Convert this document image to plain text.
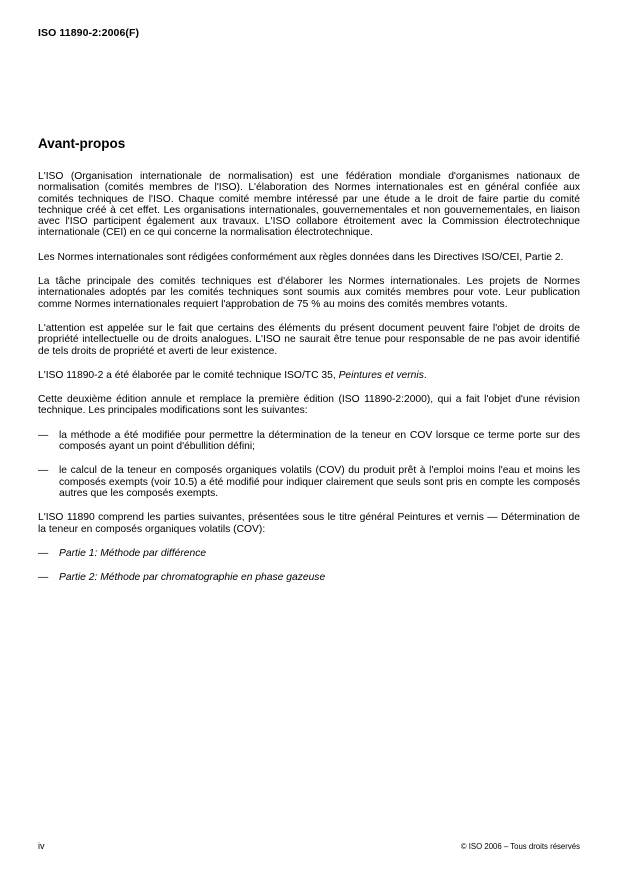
ISO 11890-2:2006(F)
Avant-propos

L'ISO (Organisation internationale de normalisation) est une fédération mondiale d'organismes nationaux de normalisation (comités membres de l'ISO). L'élaboration des Normes internationales est en général confiée aux comités techniques de l'ISO. Chaque comité membre intéressé par une étude a le droit de faire partie du comité technique créé à cet effet. Les organisations internationales, gouvernementales et non gouvernementales, en liaison avec l'ISO participent également aux travaux. L'ISO collabore étroitement avec la Commission électrotechnique internationale (CEI) en ce qui concerne la normalisation électrotechnique.

Les Normes internationales sont rédigées conformément aux règles données dans les Directives ISO/CEI, Partie 2.

La tâche principale des comités techniques est d'élaborer les Normes internationales. Les projets de Normes internationales adoptés par les comités techniques sont soumis aux comités membres pour vote. Leur publication comme Normes internationales requiert l'approbation de 75 % au moins des comités membres votants.

L'attention est appelée sur le fait que certains des éléments du présent document peuvent faire l'objet de droits de propriété intellectuelle ou de droits analogues. L'ISO ne saurait être tenue pour responsable de ne pas avoir identifié de tels droits de propriété et averti de leur existence.

L'ISO 11890-2 a été élaborée par le comité technique ISO/TC 35, Peintures et vernis.

Cette deuxième édition annule et remplace la première édition (ISO 11890-2:2000), qui a fait l'objet d'une révision technique. Les principales modifications sont les suivantes:

—	la méthode a été modifiée pour permettre la détermination de la teneur en COV lorsque ce terme porte sur des composés ayant un point d'ébullition défini;
—	le calcul de la teneur en composés organiques volatils (COV) du produit prêt à l'emploi moins l'eau et moins les composés exempts (voir 10.5) a été modifié pour indiquer clairement que seuls sont pris en compte les composés autres que les composés exempts.

L'ISO 11890 comprend les parties suivantes, présentées sous le titre général Peintures et vernis — Détermination de la teneur en composés organiques volatils (COV):

—	Partie 1: Méthode par différence
—	Partie 2: Méthode par chromatographie en phase gazeuse
iv	© ISO 2006 – Tous droits réservés
